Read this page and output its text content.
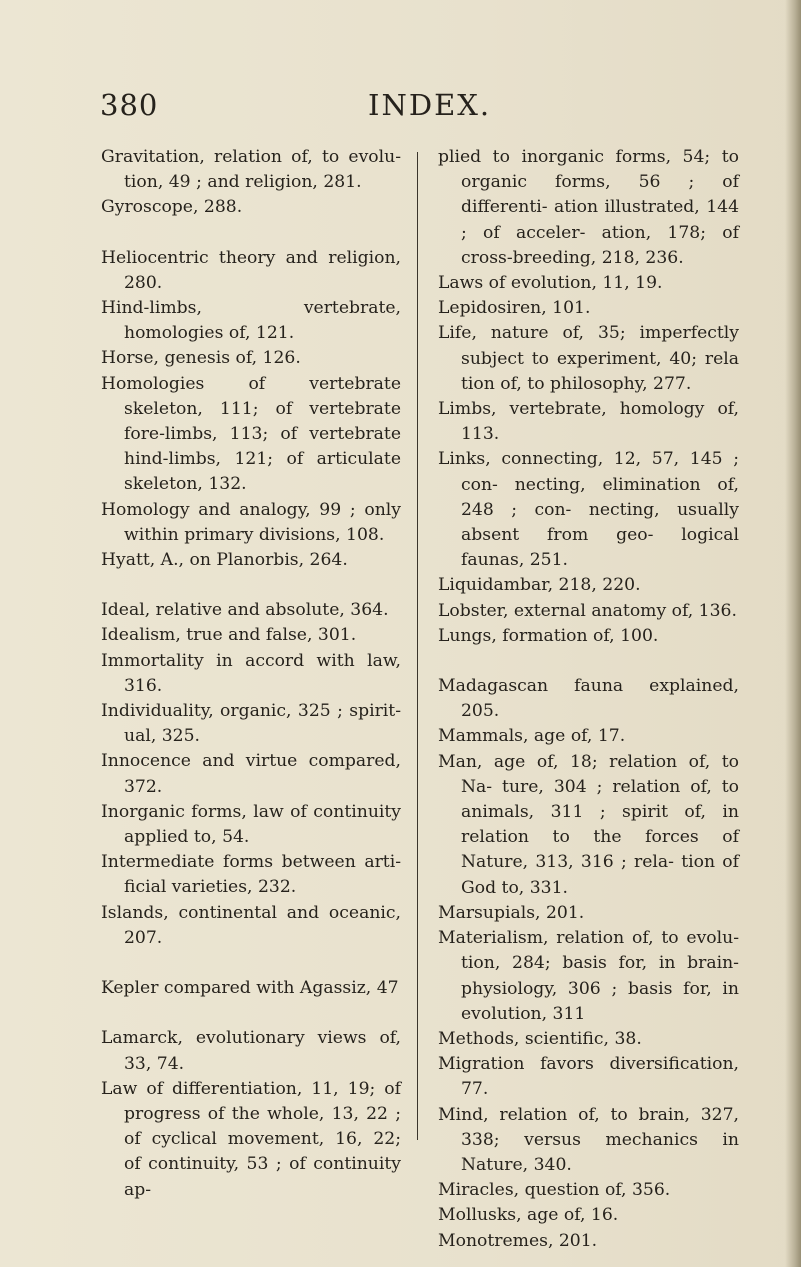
380	INDEX.

Gravitation, relation of, to evolu- tion, 49 ; and religion, 281.

Gyroscope, 288.

Heliocentric theory and religion, 280.

Hind-limbs, vertebrate, homologies of, 121.

Horse, genesis of, 126.

Homologies of vertebrate skeleton, 111; of vertebrate fore-limbs, 113; of vertebrate hind-limbs, 121; of articulate skeleton, 132.

Homology and analogy, 99 ; only within primary divisions, 108.

Hyatt, A., on Planorbis, 264.

Ideal, relative and absolute, 364.

Idealism, true and false, 301.

Immortality in accord with law, 316.

Individuality, organic, 325 ; spirit- ual, 325.

Innocence and virtue compared, 372.

Inorganic forms, law of continuity applied to, 54.

Intermediate forms between arti- ficial varieties, 232.

Islands, continental and oceanic, 207.

Kepler compared with Agassiz, 47

Lamarck, evolutionary views of, 33, 74.

Law of differentiation, 11, 19; of progress of the whole, 13, 22 ; of cyclical movement, 16, 22; of continuity, 53 ; of continuity ap-

plied to inorganic forms, 54; to organic forms, 56 ; of differenti- ation illustrated, 144 ; of acceler- ation, 178; of cross-breeding, 218, 236.

Laws of evolution, 11, 19.

Lepidosiren, 101.

Life, nature of, 35; imperfectly subject to experiment, 40; rela tion of, to philosophy, 277.

Limbs, vertebrate, homology of, 113.

Links, connecting, 12, 57, 145 ; con- necting, elimination of, 248 ; con- necting, usually absent from geo- logical faunas, 251.

Liquidambar, 218, 220.

Lobster, external anatomy of, 136.

Lungs, formation of, 100.

Madagascan fauna explained, 205.

Mammals, age of, 17.

Man, age of, 18; relation of, to Na- ture, 304 ; relation of, to animals, 311 ; spirit of, in relation to the forces of Nature, 313, 316 ; rela- tion of God to, 331.

Marsupials, 201.

Materialism, relation of, to evolu- tion, 284; basis for, in brain- physiology, 306 ; basis for, in evolution, 311

Methods, scientific, 38.

Migration favors diversification, 77.

Mind, relation of, to brain, 327, 338; versus mechanics in Nature, 340.

Miracles, question of, 356.

Mollusks, age of, 16.

Monotremes, 201.
